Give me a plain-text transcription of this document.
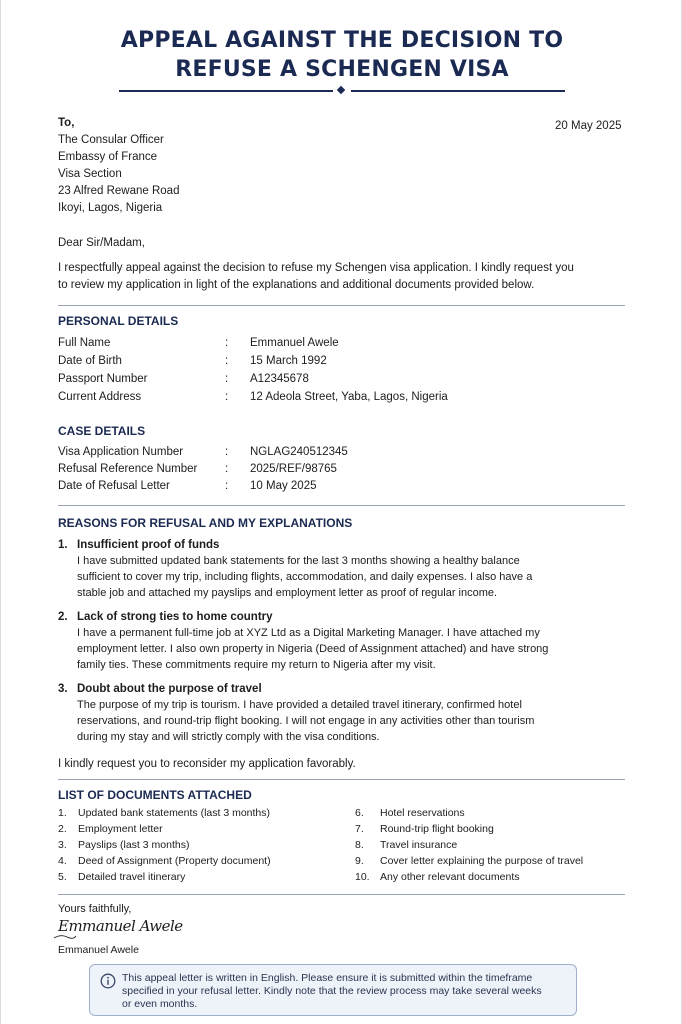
APPEAL AGAINST THE DECISION TO
REFUSE A SCHENGEN VISA
To,
The Consular Officer
Embassy of France
Visa Section
23 Alfred Rewane Road
Ikoyi, Lagos, Nigeria
20 May 2025
Dear Sir/Madam,
I respectfully appeal against the decision to refuse my Schengen visa application. I kindly request you
to review my application in light of the explanations and additional documents provided below.
PERSONAL DETAILS
Full Name	: Emmanuel Awele
Date of Birth	: 15 March 1992
Passport Number	: A12345678
Current Address	: 12 Adeola Street, Yaba, Lagos, Nigeria
CASE DETAILS
Visa Application Number	: NGLAG240512345
Refusal Reference Number : 2025/REF/98765
Date of Refusal Letter	: 10 May 2025
REASONS FOR REFUSAL AND MY EXPLANATIONS
1. Insufficient proof of funds
I have submitted updated bank statements for the last 3 months showing a healthy balance
sufficient to cover my trip, including flights, accommodation, and daily expenses. I also have a
stable job and attached my payslips and employment letter as proof of regular income.
2. Lack of strong ties to home country
I have a permanent full-time job at XYZ Ltd as a Digital Marketing Manager. I have attached my
employment letter. I also own property in Nigeria (Deed of Assignment attached) and have strong
family ties. These commitments require my return to Nigeria after my visit.
3. Doubt about the purpose of travel
The purpose of my trip is tourism. I have provided a detailed travel itinerary, confirmed hotel
reservations, and round-trip flight booking. I will not engage in any activities other than tourism
during my stay and will strictly comply with the visa conditions.
I kindly request you to reconsider my application favorably.
LIST OF DOCUMENTS ATTACHED
1. Updated bank statements (last 3 months)
2. Employment letter
3. Payslips (last 3 months)
4. Deed of Assignment (Property document)
5. Detailed travel itinerary
6. Hotel reservations
7. Round-trip flight booking
8. Travel insurance
9. Cover letter explaining the purpose of travel
10. Any other relevant documents
Yours faithfully,
Emmanuel Awele
Emmanuel Awele
This appeal letter is written in English. Please ensure it is submitted within the timeframe
specified in your refusal letter. Kindly note that the review process may take several weeks
or even months.
